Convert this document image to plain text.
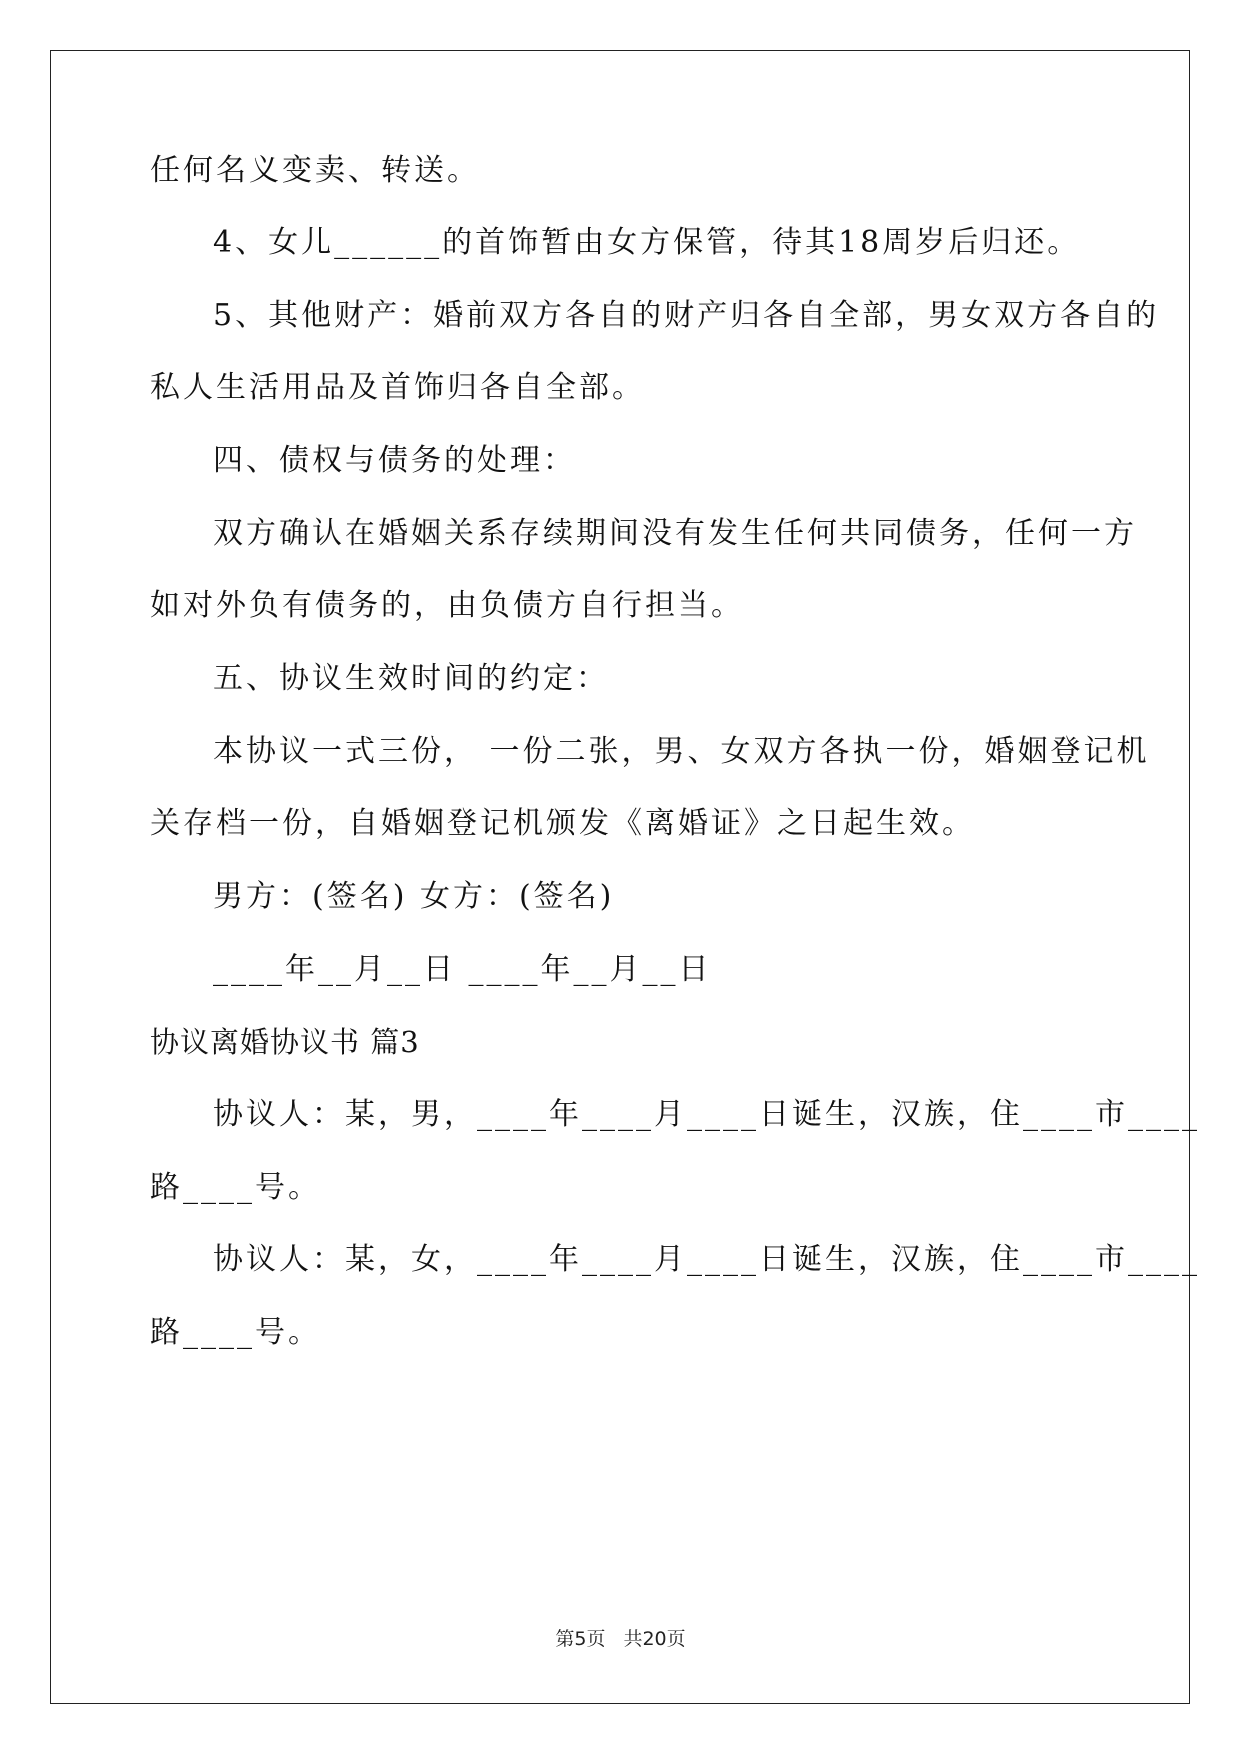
任何名义变卖、转送。
4、女儿______的首饰暂由女方保管，待其18周岁后归还。
5、其他财产：婚前双方各自的财产归各自全部，男女双方各自的
私人生活用品及首饰归各自全部。
四、债权与债务的处理：
双方确认在婚姻关系存续期间没有发生任何共同债务，任何一方
如对外负有债务的，由负债方自行担当。
五、协议生效时间的约定：
本协议一式三份， 一份二张，男、女双方各执一份，婚姻登记机
关存档一份，自婚姻登记机颁发《离婚证》之日起生效。
男方：(签名) 女方：(签名)
____年__月__日 ____年__月__日
协议离婚协议书 篇3
协议人：某，男，____年____月____日诞生，汉族，住____市____
路____号。
协议人：某，女，____年____月____日诞生，汉族，住____市____
路____号。
第5页 共20页
